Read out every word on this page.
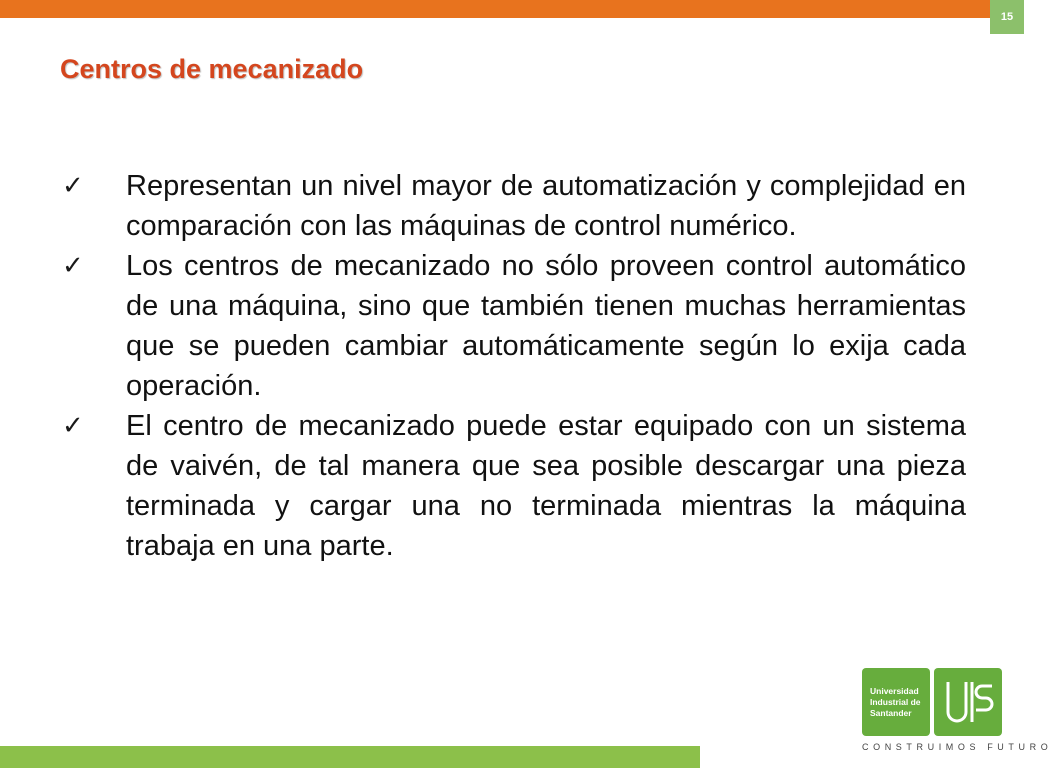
15
Centros de mecanizado
✓	Representan un nivel mayor de automatización y complejidad en comparación con las máquinas de control numérico.

✓	Los centros de mecanizado no sólo proveen control automático de una máquina, sino que también tienen muchas herramientas que se pueden cambiar automáticamente según lo exija cada operación.

✓	El centro de mecanizado puede estar equipado con un sistema de vaivén, de tal manera que sea posible descargar una pieza terminada y cargar una no terminada mientras la máquina trabaja en una parte.

Universidad
Industrial de
Santander
CONSTRUIMOS FUTURO
